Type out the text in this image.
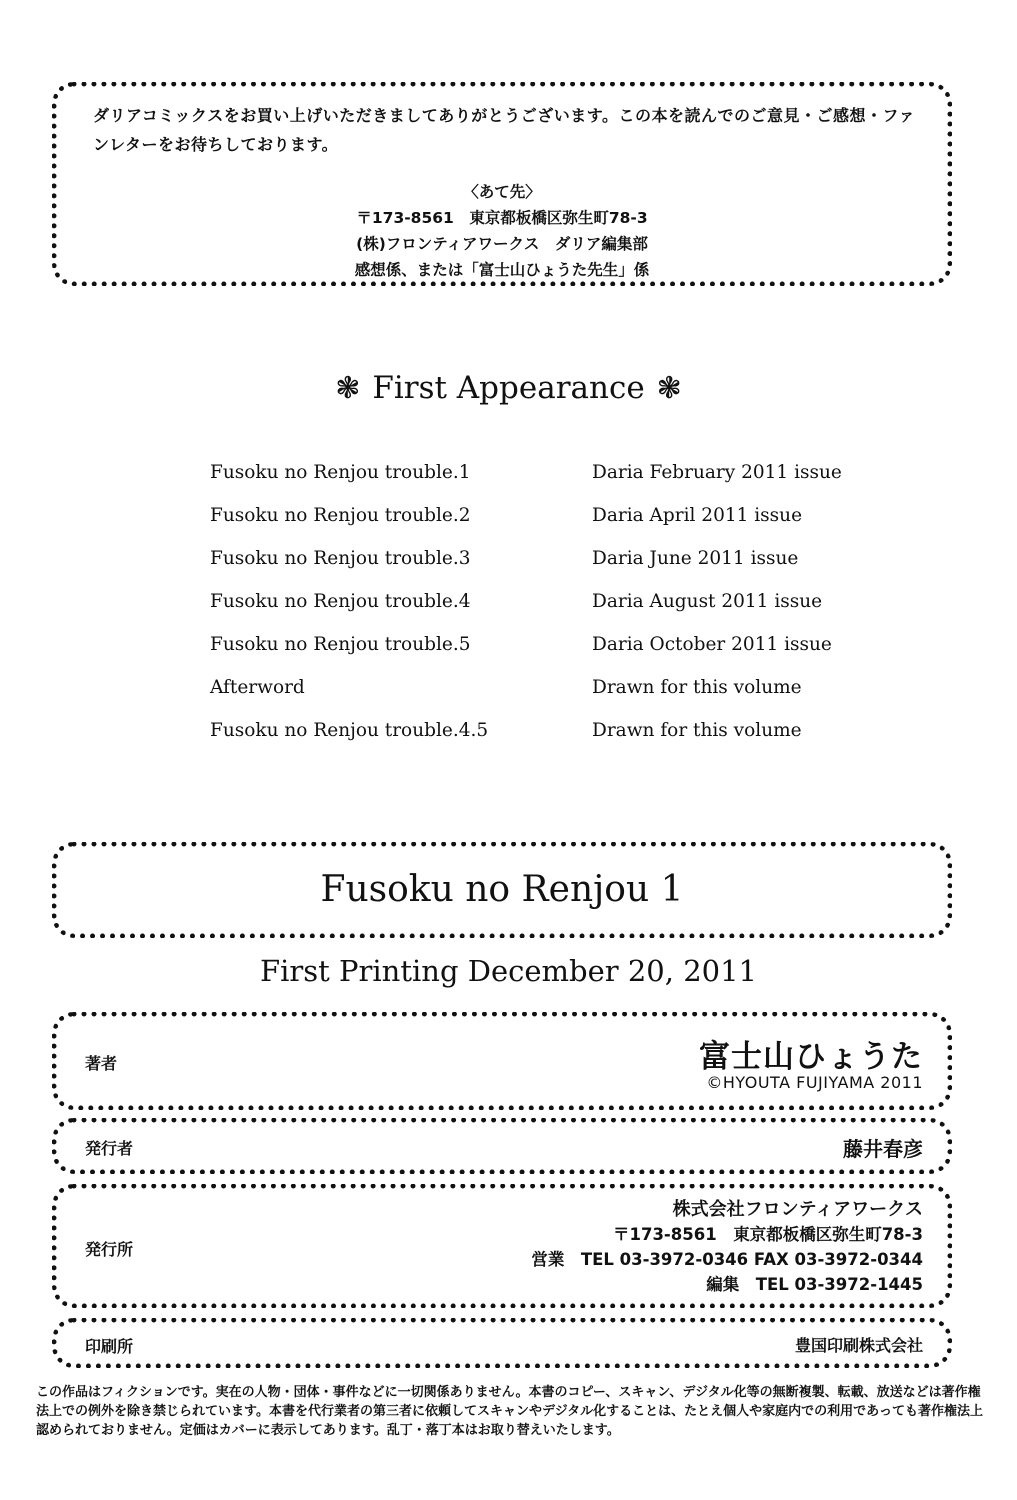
ダリアコミックスをお買い上げいただきましてありがとうございます。この本を読んでのご意見・ご感想・ファンレターをお待ちしております。
〈あて先〉
〒173-8561　東京都板橋区弥生町78-3
(株)フロンティアワークス　ダリア編集部
感想係、または「富士山ひょうた先生」係
❃ First Appearance ❃
Fusoku no Renjou trouble.1	Daria February 2011 issue
Fusoku no Renjou trouble.2	Daria April 2011 issue
Fusoku no Renjou trouble.3	Daria June 2011 issue
Fusoku no Renjou trouble.4	Daria August 2011 issue
Fusoku no Renjou trouble.5	Daria October 2011 issue
Afterword	Drawn for this volume
Fusoku no Renjou trouble.4.5	Drawn for this volume
Fusoku no Renjou 1
First Printing December 20, 2011
著者	富士山ひょうた
©HYOUTA FUJIYAMA 2011
発行者	藤井春彦
発行所
株式会社フロンティアワークス
〒173-8561　東京都板橋区弥生町78-3
営業　TEL 03-3972-0346 FAX 03-3972-0344
編集　TEL 03-3972-1445
印刷所	豊国印刷株式会社
この作品はフィクションです。実在の人物・団体・事件などに一切関係ありません。本書のコピー、スキャン、デジタル化等の無断複製、転載、放送などは著作権法上での例外を除き禁じられています。本書を代行業者の第三者に依頼してスキャンやデジタル化することは、たとえ個人や家庭内での利用であっても著作権法上認められておりません。定価はカバーに表示してあります。乱丁・落丁本はお取り替えいたします。
